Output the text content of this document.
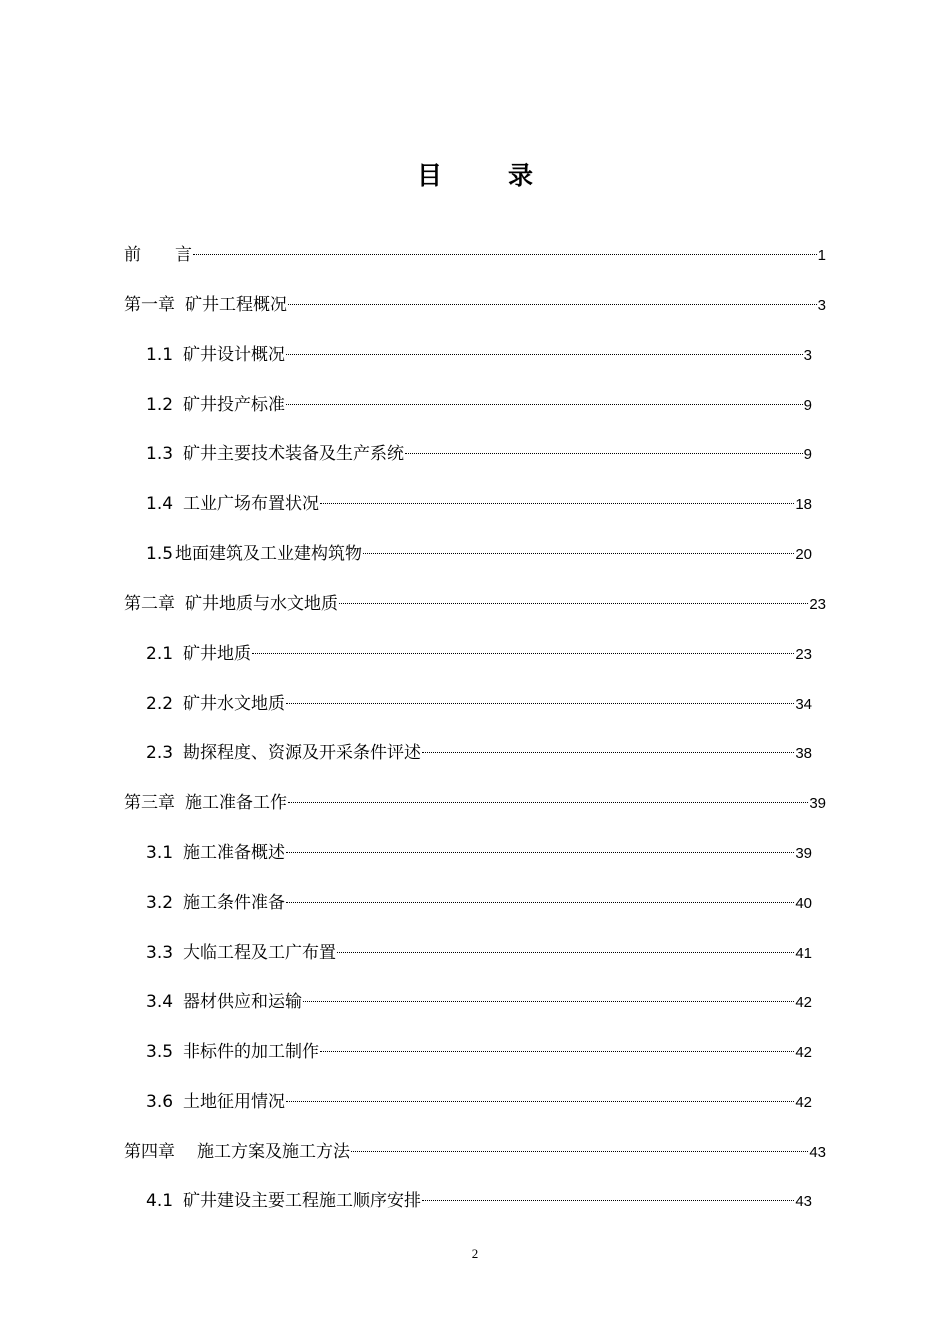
目	录
前 言	1
第一章 矿井工程概况	3
1.1 矿井设计概况	3
1.2 矿井投产标准	9
1.3 矿井主要技术装备及生产系统	9
1.4 工业广场布置状况	18
1.5 地面建筑及工业建构筑物	20
第二章 矿井地质与水文地质	23
2.1 矿井地质	23
2.2 矿井水文地质	34
2.3 勘探程度、资源及开采条件评述	38
第三章 施工准备工作	39
3.1 施工准备概述	39
3.2 施工条件准备	40
3.3 大临工程及工广布置	41
3.4 器材供应和运输	42
3.5 非标件的加工制作	42
3.6 土地征用情况	42
第四章 施工方案及施工方法	43
4.1 矿井建设主要工程施工顺序安排	43
2
